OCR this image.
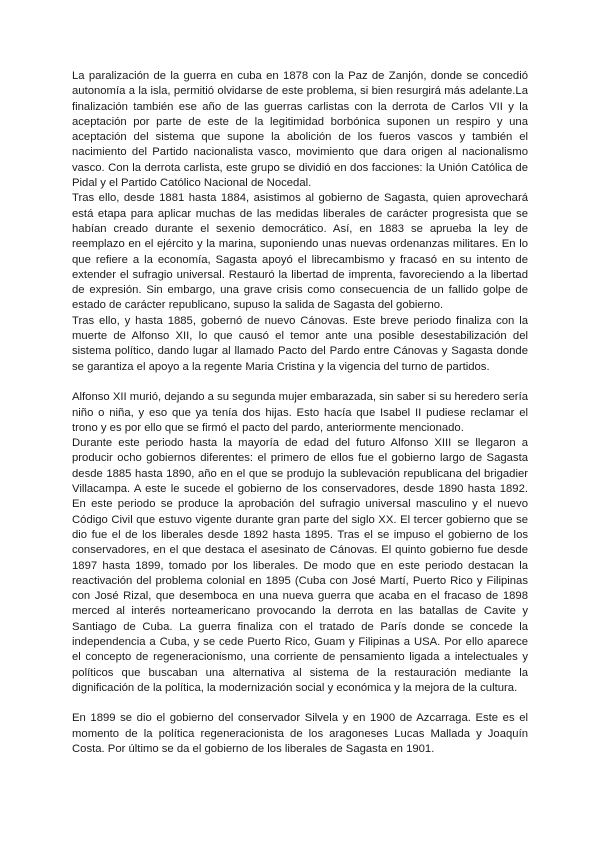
La paralización de la guerra en cuba en 1878 con la Paz de Zanjón, donde se concedió autonomía a la isla, permitió olvidarse de este problema, si bien resurgirá más adelante.La finalización también ese año de las guerras carlistas con la derrota de Carlos VII y la aceptación por parte de este de la legitimidad borbónica suponen un respiro y una aceptación del sistema que supone la abolición de los fueros vascos y también el nacimiento del Partido nacionalista vasco, movimiento que dara origen al nacionalismo vasco. Con la derrota carlista, este grupo se dividió en dos facciones: la Unión Católica de Pidal y el Partido Católico Nacional de Nocedal.

Tras ello, desde 1881 hasta 1884, asistimos al gobierno de Sagasta, quien aprovechará está etapa para aplicar muchas de las medidas liberales de carácter progresista que se habían creado durante el sexenio democrático. Así, en 1883 se aprueba la ley de reemplazo en el ejército y la marina, suponiendo unas nuevas ordenanzas militares. En lo que refiere a la economía, Sagasta apoyó el librecambismo y fracasó en su intento de extender el sufragio universal. Restauró la libertad de imprenta, favoreciendo a la libertad de expresión. Sin embargo, una grave crisis como consecuencia de un fallido golpe de estado de carácter republicano, supuso la salida de Sagasta del gobierno.

Tras ello, y hasta 1885, gobernó de nuevo Cánovas. Este breve periodo finaliza con la muerte de Alfonso XII, lo que causó el temor ante una posible desestabilización del sistema político, dando lugar al llamado Pacto del Pardo entre Cánovas y Sagasta donde se garantiza el apoyo a la regente Maria Cristina y la vigencia del turno de partidos.

Alfonso XII murió, dejando a su segunda mujer embarazada, sin saber si su heredero sería niño o niña, y eso que ya tenía dos hijas. Esto hacía que Isabel II pudiese reclamar el trono y es por ello que se firmó el pacto del pardo, anteriormente mencionado.

Durante este periodo hasta la mayoría de edad del futuro Alfonso XIII se llegaron a producir ocho gobiernos diferentes: el primero de ellos fue el gobierno largo de Sagasta desde 1885 hasta 1890, año en el que se produjo la sublevación republicana del brigadier Villacampa. A este le sucede el gobierno de los conservadores, desde 1890 hasta 1892. En este periodo se produce la aprobación del sufragio universal masculino y el nuevo Código Civil que estuvo vigente durante gran parte del siglo XX. El tercer gobierno que se dio fue el de los liberales desde 1892 hasta 1895. Tras el se impuso el gobierno de los conservadores, en el que destaca el asesinato de Cánovas. El quinto gobierno fue desde 1897 hasta 1899, tomado por los liberales. De modo que en este periodo destacan la reactivación del problema colonial en 1895 (Cuba con José Martí, Puerto Rico y Filipinas con José Rizal, que desemboca en una nueva guerra que acaba en el fracaso de 1898 merced al interés norteamericano provocando la derrota en las batallas de Cavite y Santiago de Cuba. La guerra finaliza con el tratado de París donde se concede la independencia a Cuba, y se cede Puerto Rico, Guam y Filipinas a USA. Por ello aparece el concepto de regeneracionismo, una corriente de pensamiento ligada a intelectuales y políticos que buscaban una alternativa al sistema de la restauración mediante la dignificación de la política, la modernización social y económica y la mejora de la cultura.

En 1899 se dio el gobierno del conservador Silvela y en 1900 de Azcarraga. Este es el momento de la política regeneracionista de los aragoneses Lucas Mallada y Joaquín Costa. Por último se da el gobierno de los liberales de Sagasta en 1901.
